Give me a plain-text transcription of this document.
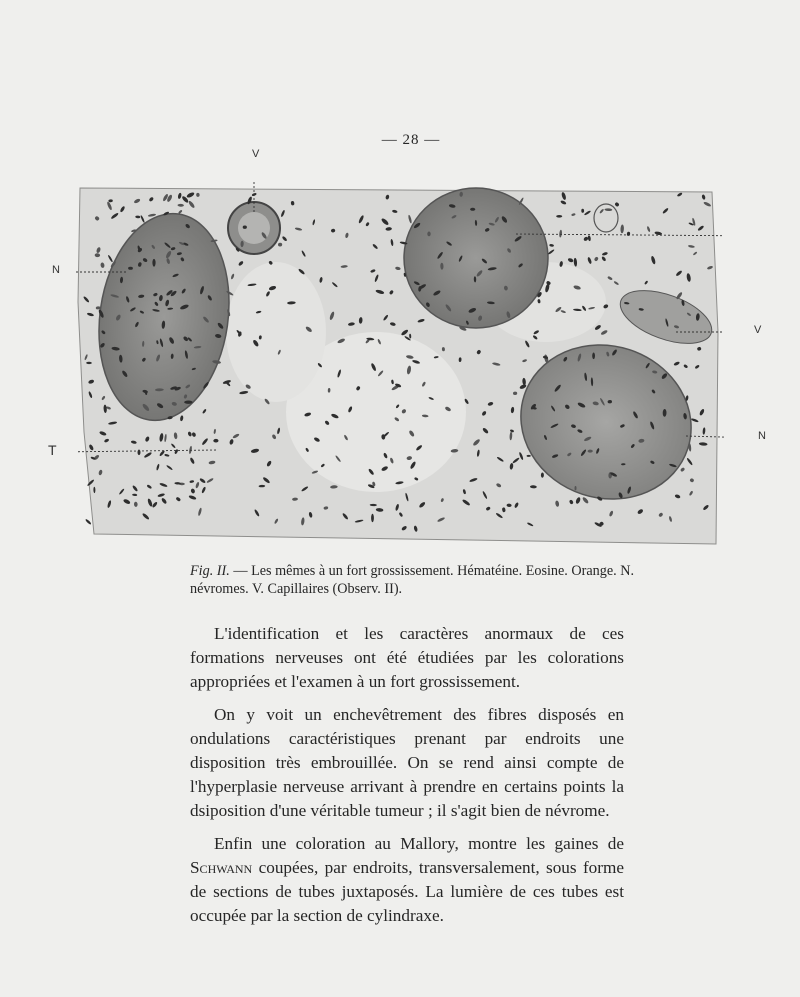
— 28 —
V
N
T
V
N
Fig. II. — Les mêmes à un fort grossissement. Hématéine. Eosine. Orange. N. névromes. V. Capillaires (Observ. II).

L'identification et les caractères anormaux de ces formations nerveuses ont été étudiées par les colorations appropriées et l'examen à un fort grossissement.

On y voit un enchevêtrement des fibres disposés en ondulations caractéristiques prenant par endroits une disposition très embrouillée. On se rend ainsi compte de l'hyperplasie nerveuse arrivant à prendre en certains points la dsiposition d'une véritable tumeur ; il s'agit bien de névrome.

Enfin une coloration au Mallory, montre les gaines de Schwann coupées, par endroits, transversalement, sous forme de sections de tubes juxtaposés. La lumière de ces tubes est occupée par la section de cylindraxe.
